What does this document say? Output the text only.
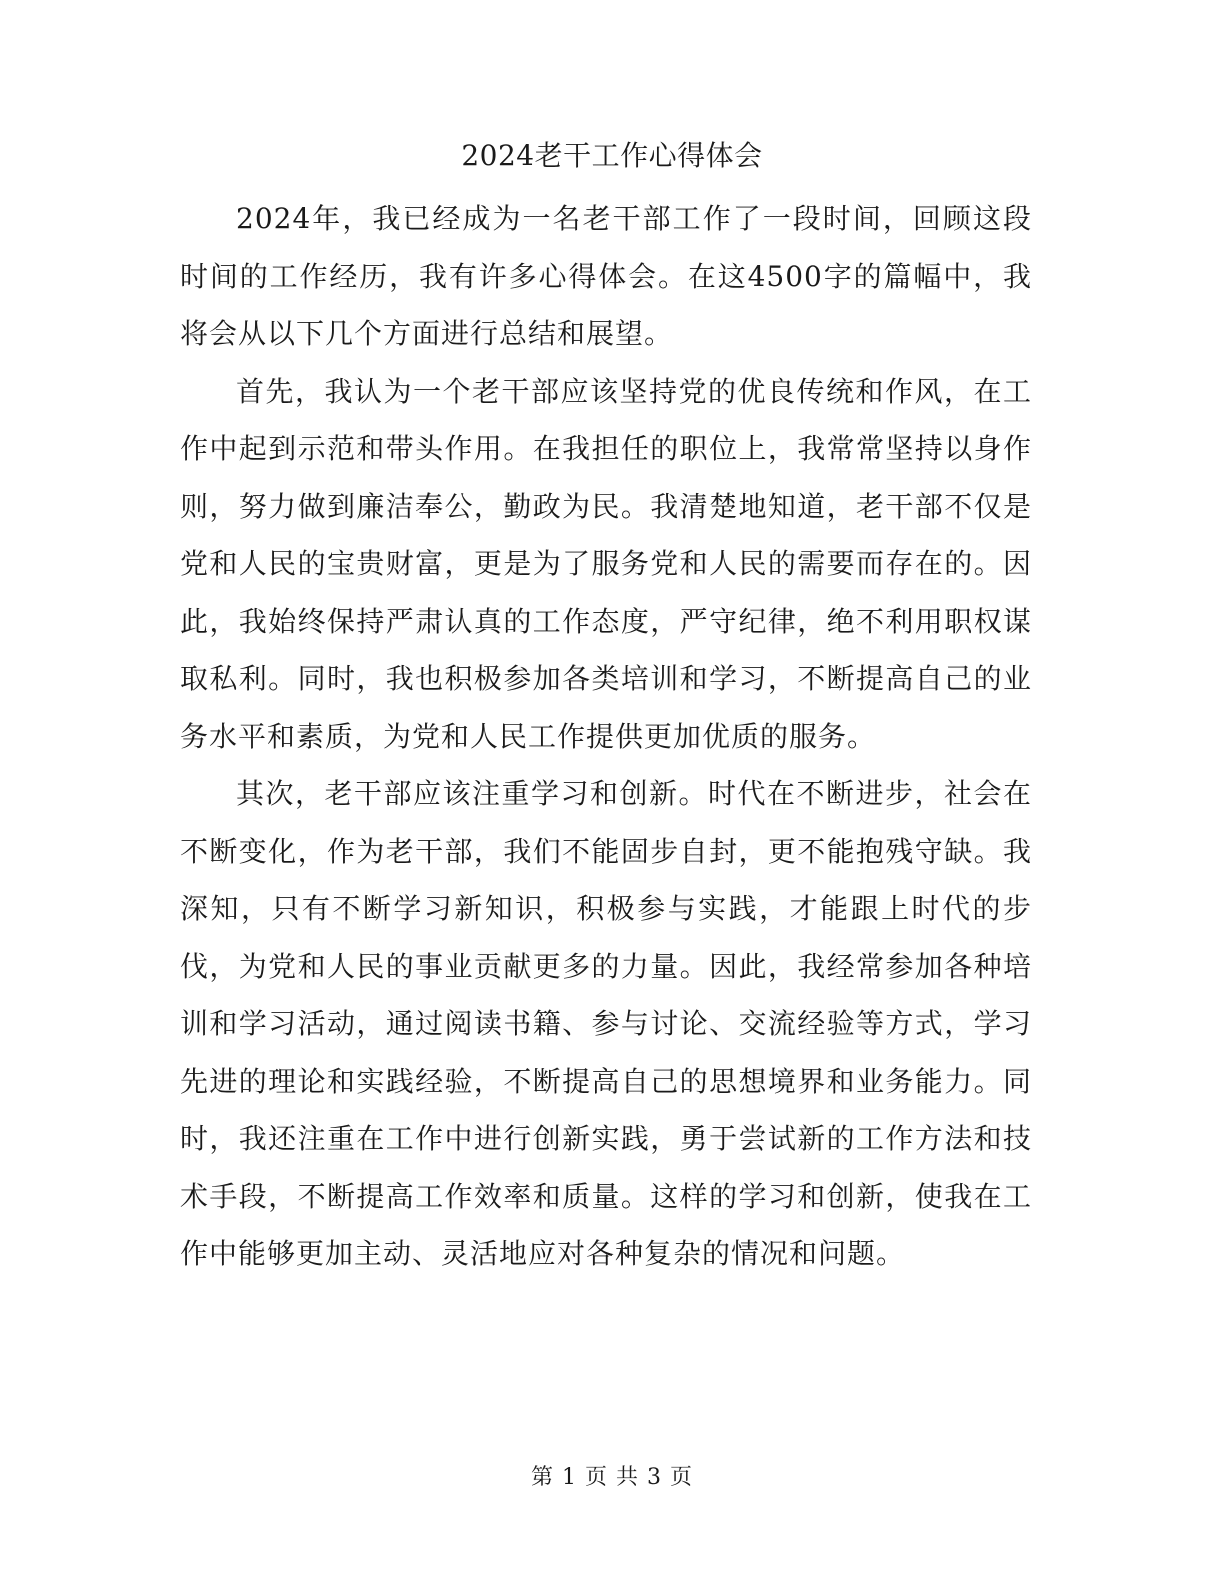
2024老干工作心得体会

2024年，我已经成为一名老干部工作了一段时间，回顾这段时间的工作经历，我有许多心得体会。在这4500字的篇幅中，我将会从以下几个方面进行总结和展望。

首先，我认为一个老干部应该坚持党的优良传统和作风，在工作中起到示范和带头作用。在我担任的职位上，我常常坚持以身作则，努力做到廉洁奉公，勤政为民。我清楚地知道，老干部不仅是党和人民的宝贵财富，更是为了服务党和人民的需要而存在的。因此，我始终保持严肃认真的工作态度，严守纪律，绝不利用职权谋取私利。同时，我也积极参加各类培训和学习，不断提高自己的业务水平和素质，为党和人民工作提供更加优质的服务。

其次，老干部应该注重学习和创新。时代在不断进步，社会在不断变化，作为老干部，我们不能固步自封，更不能抱残守缺。我深知，只有不断学习新知识，积极参与实践，才能跟上时代的步伐，为党和人民的事业贡献更多的力量。因此，我经常参加各种培训和学习活动，通过阅读书籍、参与讨论、交流经验等方式，学习先进的理论和实践经验，不断提高自己的思想境界和业务能力。同时，我还注重在工作中进行创新实践，勇于尝试新的工作方法和技术手段，不断提高工作效率和质量。这样的学习和创新，使我在工作中能够更加主动、灵活地应对各种复杂的情况和问题。

第 1 页 共 3 页
